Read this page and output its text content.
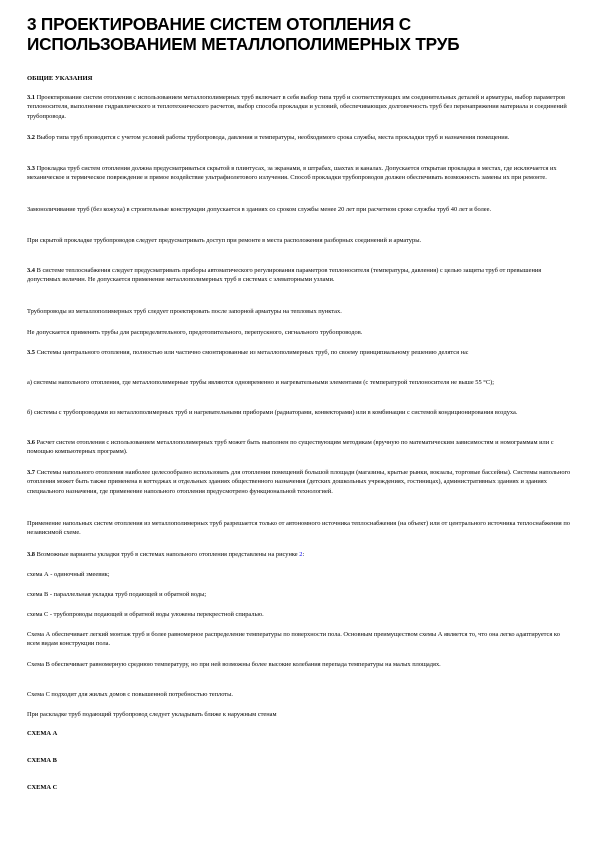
3 ПРОЕКТИРОВАНИЕ СИСТЕМ ОТОПЛЕНИЯ С ИСПОЛЬЗОВАНИЕМ МЕТАЛЛОПОЛИМЕРНЫХ ТРУБ
ОБЩИЕ УКАЗАНИЯ
3.1 Проектирование систем отопления с использованием металлополимерных труб включает в себя выбор типа труб и соответствующих им соединительных деталей и арматуры, выбор параметров теплоносителя, выполнение гидравлического и теплотехнического расчетов, выбор способа прокладки и условий, обеспечивающих долговечность труб без перенапряжения материала и соединений трубопровода.
3.2 Выбор типа труб проводится с учетом условий работы трубопровода, давления и температуры, необходимого срока службы, места прокладки труб и назначения помещения.
3.3 Прокладка труб систем отопления должна предусматриваться скрытой в плинтусах, за экранами, в штрабах, шахтах и каналах. Допускается открытая прокладка в местах, где исключается их механическое и термическое повреждение и прямое воздействие ультрафиолетового излучения. Способ прокладки трубопроводов должен обеспечивать возможность замены их при ремонте.
Замоноличивание труб (без кожуха) в строительные конструкции допускается в зданиях со сроком службы менее 20 лет при расчетном сроке службы труб 40 лет и более.
При скрытой прокладке трубопроводов следует предусматривать доступ при ремонте в места расположения разборных соединений и арматуры.
3.4 В системе теплоснабжения следует предусматривать приборы автоматического регулирования параметров теплоносителя (температуры, давления) с целью защиты труб от превышения допустимых величин. Не допускается применение металлополимерных труб в системах с элеваторными узлами.
Трубопроводы из металлополимерных труб следует проектировать после запорной арматуры на тепловых пунктах.
Не допускается применять трубы для распределительного, предотопительного, перепускного, сигнального трубопроводов.
3.5 Системы центрального отопления, полностью или частично смонтированные из металлополимерных труб, по своему принципиальному решению делятся на:
а) системы напольного отопления, где металлополимерные трубы являются одновременно и нагревательными элементами (с температурой теплоносителя не выше 55 °С);
б) системы с трубопроводами из металлополимерных труб и нагревательными приборами (радиаторами, конвекторами) или в комбинации с системой кондиционирования воздуха.
3.6 Расчет систем отопления с использованием металлополимерных труб может быть выполнен по существующим методикам (вручную по математическим зависимостям и номограммам или с помощью компьютерных программ).
3.7 Системы напольного отопления наиболее целесообразно использовать для отопления помещений большой площади (магазины, крытые рынки, вокзалы, торговые бассейны). Системы напольного отопления может быть также применена в коттеджах и отдельных зданиях общественного назначения (детских дошкольных учреждениях, гостиницах), административных зданиях и зданиях специального назначения, где применение напольного отопления предусмотрено функциональной технологией.
Применение напольных систем отопления из металлополимерных труб разрешается только от автономного источника теплоснабжения (на объект) или от центрального источника теплоснабжения по независимой схеме.
3.8 Возможные варианты укладки труб в системах напольного отопления представлены на рисунке 2:
схема А - одиночный змеевик;
схема В - параллельная укладка труб подающей и обратной воды;
схема С - трубопроводы подающей и обратной воды уложены перекрестной спиралью.
Схема А обеспечивает легкий монтаж труб и более равномерное распределение температуры по поверхности пола. Основным преимуществом схемы А является то, что она легко адаптируется ко всем видам конструкции пола.
Схема В обеспечивает равномерную среднюю температуру, но при ней возможны более высокие колебания перепада температуры на малых площадях.
Схема С подходит для жилых домов с повышенной потребностью теплоты.
При раскладке труб подающий трубопровод следует укладывать ближе к наружным стенам
СХЕМА А
СХЕМА В
СХЕМА С
